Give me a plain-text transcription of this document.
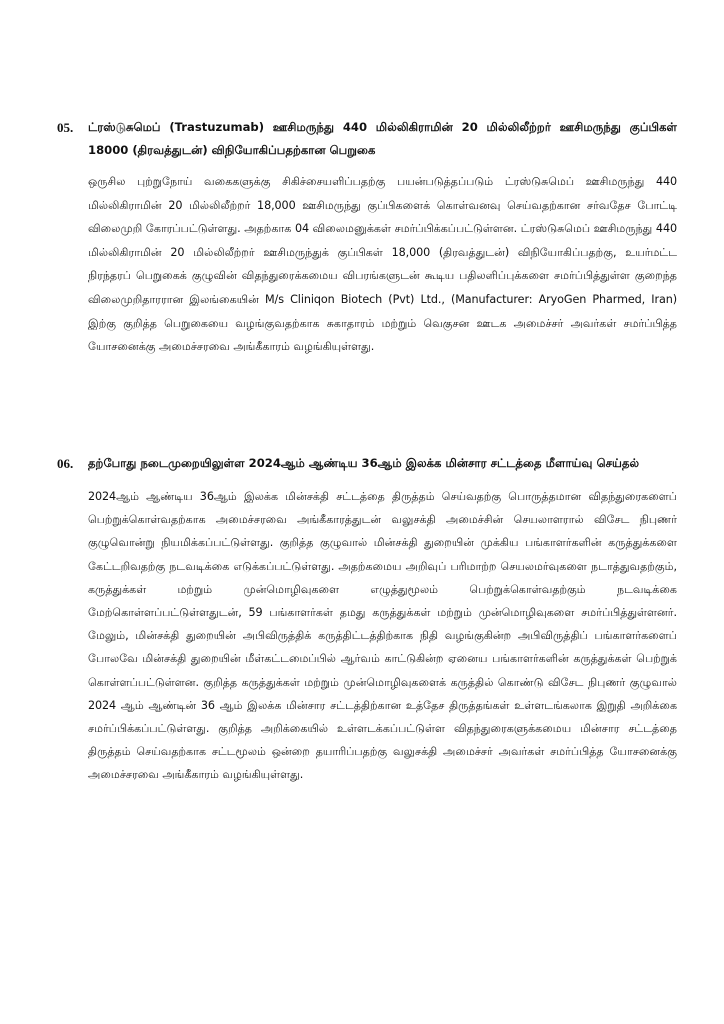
05.	ட்ரஸ்டுசுமெப் (Trastuzumab) ஊசிமருந்து 440 மில்லிகிராமின் 20 மில்லிலீற்றர் ஊசிமருந்து குப்பிகள் 18000 (திரவத்துடன்) விநியோகிப்பதற்கான பெறுகை
ஒருசில புற்றுநோய் வகைகளுக்கு சிகிச்சையளிப்பதற்கு பயன்படுத்தப்படும் ட்ரஸ்டுசுமெப் ஊசிமருந்து 440 மில்லிகிராமின் 20 மில்லிலீற்றர் 18,000 ஊசிமருந்து குப்பிகளைக் கொள்வனவு செய்வதற்கான சர்வதேச போட்டி விலைமுறி கோரப்பட்டுள்ளது. அதற்காக 04 விலைமனுக்கள் சமர்ப்பிக்கப்பட்டுள்ளன. ட்ரஸ்டுசுமெப் ஊசிமருந்து 440 மில்லிகிராமின் 20 மில்லிலீற்றர் ஊசிமருந்துக் குப்பிகள் 18,000 (திரவத்துடன்) விநியோகிப்பதற்கு, உயர்மட்ட நிரந்தரப் பெறுகைக் குழுவின் விதந்துரைக்கமைய விபரங்களுடன் கூடிய பதிலளிப்புக்களை சமர்ப்பித்துள்ள குறைந்த விலைமுறிதாரரான இலங்கையின் M/s Cliniqon Biotech (Pvt) Ltd., (Manufacturer: AryoGen Pharmed, Iran) இற்கு குறித்த பெறுகையை வழங்குவதற்காக சுகாதாரம் மற்றும் வெகுசன ஊடக அமைச்சர் அவர்கள் சமர்ப்பித்த யோசனைக்கு அமைச்சரவை அங்கீகாரம் வழங்கியுள்ளது.
06.	தற்போது நடைமுறையிலுள்ள 2024ஆம் ஆண்டிய 36ஆம் இலக்க மின்சார சட்டத்தை மீளாய்வு செய்தல்
2024ஆம் ஆண்டிய 36ஆம் இலக்க மின்சக்தி சட்டத்தை திருத்தம் செய்வதற்கு பொருத்தமான விதந்துரைகளைப் பெற்றுக்கொள்வதற்காக அமைச்சரவை அங்கீகாரத்துடன் வலுசக்தி அமைச்சின் செயலாளரால் விசேட நிபுணர் குழுவொன்று நியமிக்கப்பட்டுள்ளது. குறித்த குழுவால் மின்சக்தி துறையின் முக்கிய பங்காளர்களின் கருத்துக்களை கேட்டறிவதற்கு நடவடிக்கை எடுக்கப்பட்டுள்ளது. அதற்கமைய அறிவுப் பரிமாற்ற செயலமர்வுகளை நடாத்துவதற்கும், கருத்துக்கள் மற்றும் முன்மொழிவுகளை எழுத்துமூலம் பெற்றுக்கொள்வதற்கும் நடவடிக்கை மேற்கொள்ளப்பட்டுள்ளதுடன், 59 பங்காளர்கள் தமது கருத்துக்கள் மற்றும் முன்மொழிவுகளை சமர்ப்பித்துள்ளனர். மேலும், மின்சக்தி துறையின் அபிவிருத்திக் கருத்திட்டத்திற்காக நிதி வழங்குகின்ற அபிவிருத்திப் பங்காளர்களைப் போலவே மின்சக்தி துறையின் மீள்கட்டமைப்பில் ஆர்வம் காட்டுகின்ற ஏனைய பங்காளர்களின் கருத்துக்கள் பெற்றுக் கொள்ளப்பட்டுள்ளன. குறித்த கருத்துக்கள் மற்றும் முன்மொழிவுகளைக் கருத்தில் கொண்டு விசேட நிபுணர் குழுவால் 2024 ஆம் ஆண்டின் 36 ஆம் இலக்க மின்சார சட்டத்திற்கான உத்தேச திருத்தங்கள் உள்ளடங்கலாக இறுதி அறிக்கை சமர்ப்பிக்கப்பட்டுள்ளது. குறித்த அறிக்கையில் உள்ளடக்கப்பட்டுள்ள விதந்துரைகளுக்கமைய மின்சார சட்டத்தை திருத்தம் செய்வதற்காக சட்டமூலம் ஒன்றை தயாரிப்பதற்கு வலுசக்தி அமைச்சர் அவர்கள் சமர்ப்பித்த யோசனைக்கு அமைச்சரவை அங்கீகாரம் வழங்கியுள்ளது.
